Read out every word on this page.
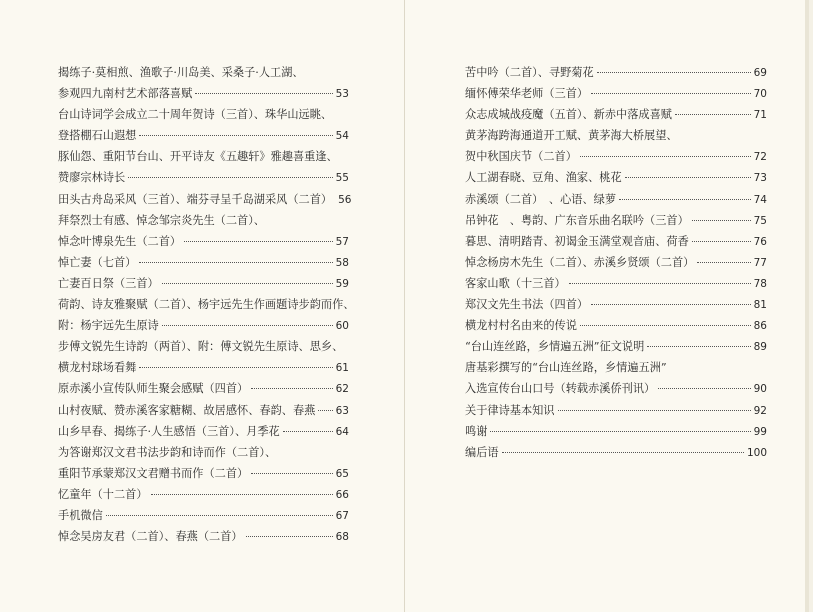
揭练子·莫相煎、渔歌子·川岛美、采桑子·人工湖、
参观四九南村艺术部落喜赋	53
台山诗词学会成立二十周年贺诗（三首）、珠华山远眺、
登搭棚石山遐想	54
豚仙怨、重阳节台山、开平诗友《五趣轩》雅趣喜重逢、
赞廖宗林诗长	55
田头古舟岛采风（三首）、端芬寻呈千岛湖采风（二首） 56
拜祭烈士有感、悼念邹宗炎先生（二首）、
悼念叶博泉先生（二首）	57
悼亡妻（七首）	58
亡妻百日祭（三首）	59
荷韵、诗友雅聚赋（二首）、杨宇远先生作画题诗步韵而作、
附：杨宇远先生原诗	60
步傅文锐先生诗韵（两首）、附：傅文锐先生原诗、思乡、
横龙村球场看舞	61
原赤溪小宣传队师生聚会感赋（四首）	62
山村夜赋、赞赤溪客家糖糊、故居感怀、春韵、春燕 63
山乡早春、揭练子·人生感悟（三首）、月季花	64
为答谢郑汉文君书法步韵和诗而作（二首）、
重阳节承蒙郑汉文君赠书而作（二首）	65
忆童年（十二首）	66
手机微信	67
悼念吴房友君（二首）、春燕（二首）	68
苦中吟（二首）、寻野菊花	69
缅怀傅荣华老师（三首）	70
众志成城战疫魔（五首）、新赤中落成喜赋	71
黄茅海跨海通道开工赋、黄茅海大桥展望、
贺中秋国庆节（二首）	72
人工湖春晓、豆角、渔家、桃花	73
赤溪颂（二首）　、心语、绿萝	74
吊钟花　、粤韵、广东音乐曲名联吟（三首）	75
暮思、清明踏青、初谒金玉满堂观音庙、荷香	76
悼念杨房木先生（二首）、赤溪乡贤颂（二首）	77
客家山歌（十三首）	78
郑汉文先生书法（四首）	81
横龙村村名由来的传说	86
“台山连丝路，乡情遍五洲”征文说明	89
唐基彩撰写的“台山连丝路，乡情遍五洲”
入选宣传台山口号（转载赤溪侨刊讯）	90
关于律诗基本知识	92
鸣谢	99
编后语	100
